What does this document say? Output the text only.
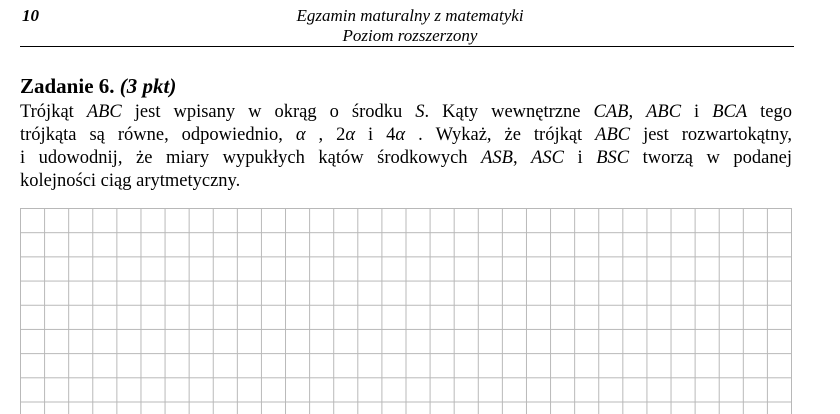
10	Egzamin maturalny z matematyki
Poziom rozszerzony
Zadanie 6. (3 pkt)
Trójkąt ABC jest wpisany w okrąg o środku S. Kąty wewnętrzne CAB, ABC i BCA tego
trójkąta są równe, odpowiednio, α , 2α i 4α . Wykaż, że trójkąt ABC jest rozwartokątny,
i udowodnij, że miary wypukłych kątów środkowych ASB, ASC i BSC tworzą w podanej
kolejności ciąg arytmetyczny.
